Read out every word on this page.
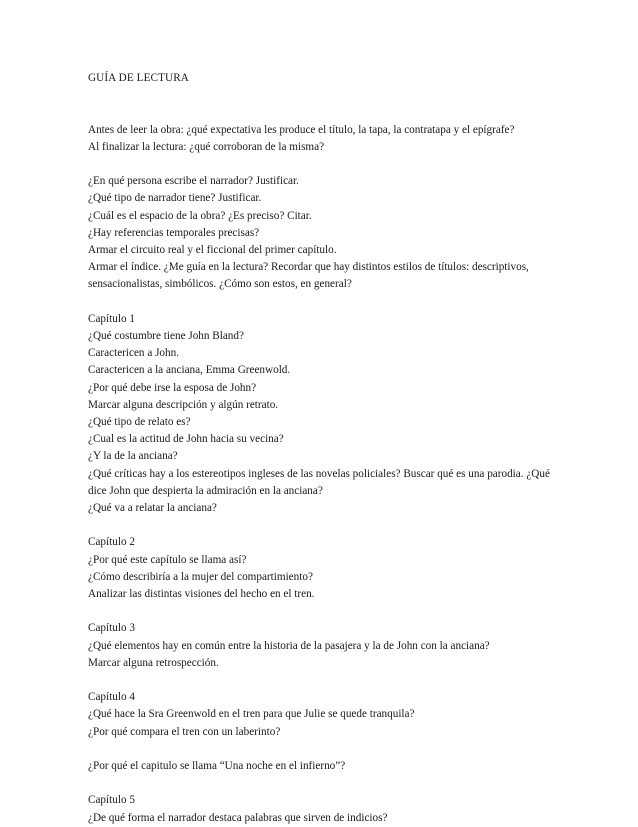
GUÍA DE LECTURA
Antes de leer la obra: ¿qué expectativa les produce el título, la tapa, la contratapa y el epígrafe?
Al finalizar la lectura: ¿qué corroboran de la misma?
¿En qué persona escribe el narrador? Justificar.
¿Qué tipo de narrador tiene? Justificar.
¿Cuál es el espacio de la obra? ¿Es preciso? Citar.
¿Hay referencias temporales precisas?
Armar el circuito real y el ficcional del primer capítulo.
Armar el índice. ¿Me guía en la lectura? Recordar que hay distintos estilos de títulos: descriptivos, sensacionalistas, simbólicos. ¿Cómo son estos, en general?
Capítulo 1
¿Qué costumbre tiene John Bland?
Caractericen a John.
Caractericen a la anciana, Emma Greenwold.
¿Por qué debe irse la esposa de John?
Marcar alguna descripción y algún retrato.
¿Qué tipo de relato es?
¿Cual es la actitud de John hacia su vecina?
¿Y la de la anciana?
¿Qué críticas hay a los estereotipos ingleses de las novelas policiales? Buscar qué es una parodia. ¿Qué dice John que despierta la admiración en la anciana?
¿Qué va a relatar la anciana?
Capítulo 2
¿Por qué este capítulo se llama así?
¿Cómo describiría a la mujer del compartimiento?
Analizar las distintas visiones del hecho en el tren.
Capítulo 3
¿Qué elementos hay en común entre la historia de la pasajera y la de John con la anciana?
Marcar alguna retrospección.
Capítulo 4
¿Qué hace la Sra Greenwold en el tren para que Julie se quede tranquila?
¿Por qué compara el tren con un laberinto?
¿Por qué el capitulo se llama “Una noche en el infierno”?
Capítulo 5
¿De qué forma el narrador destaca palabras que sirven de indicios?
